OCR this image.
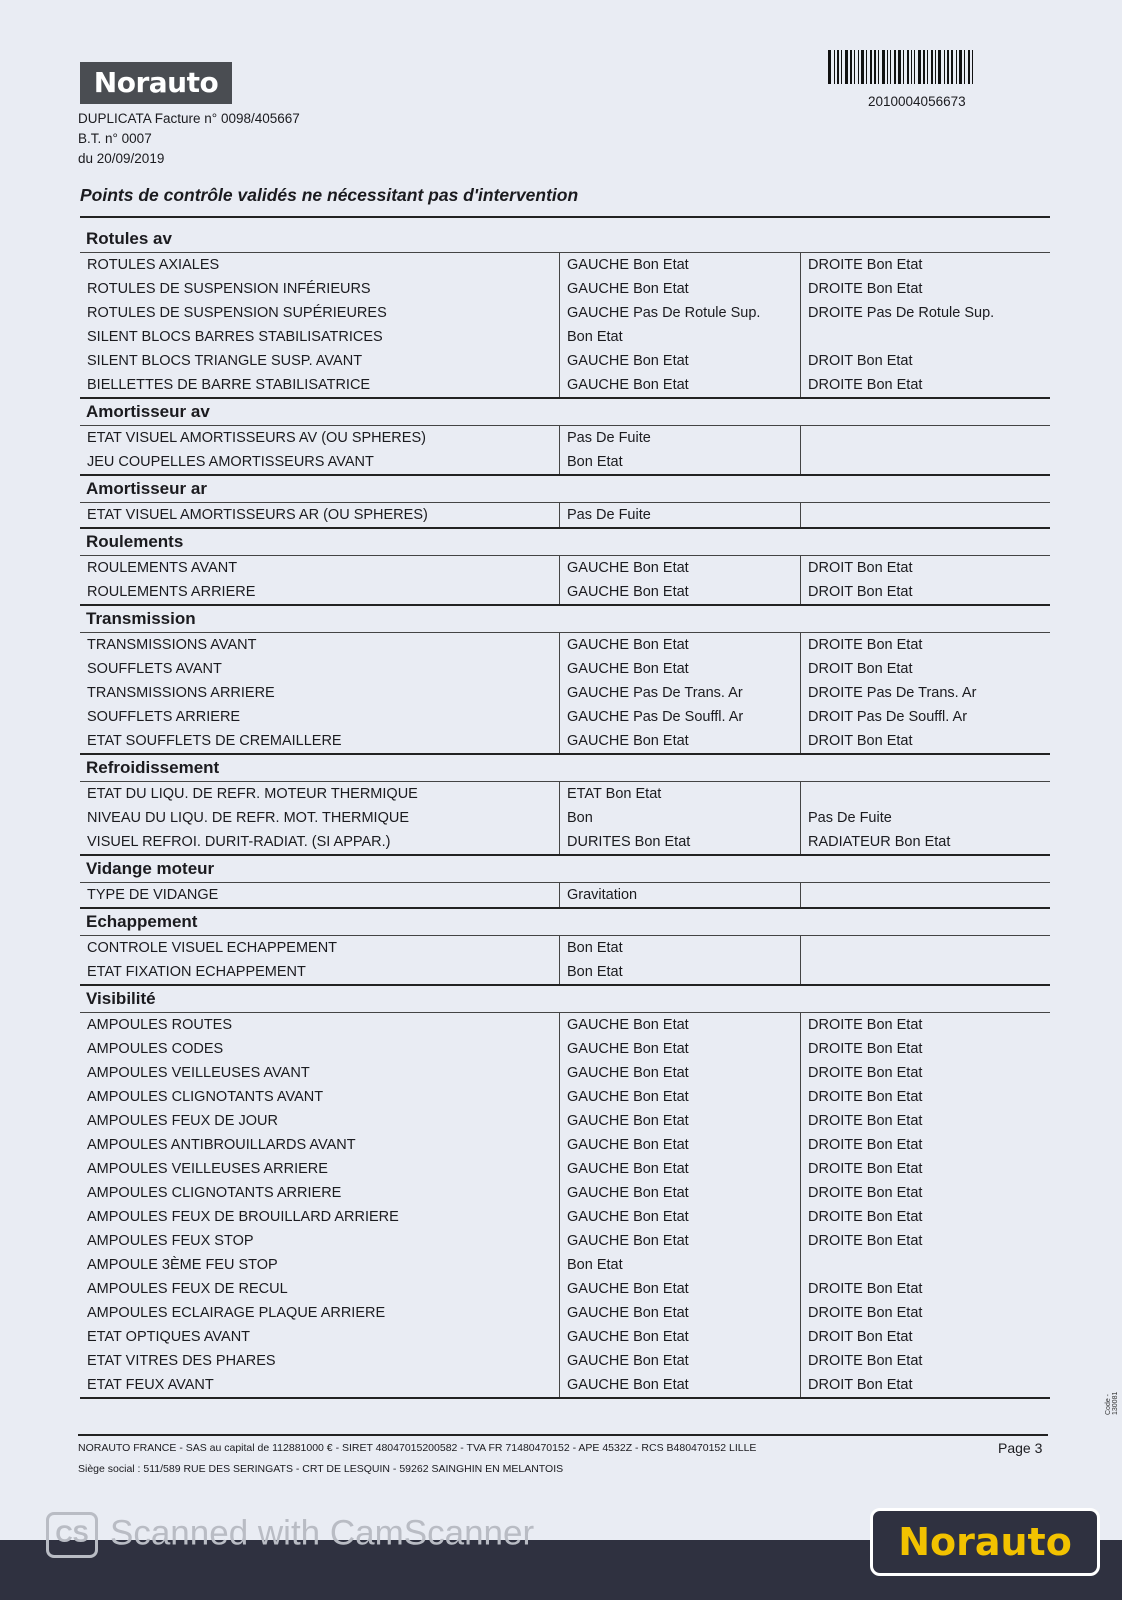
Norauto
DUPLICATA Facture n° 0098/405667
B.T. n° 0007
du 20/09/2019
2010004056673
Points de contrôle validés ne nécessitant pas d'intervention
Rotules av
ROTULES AXIALES	GAUCHE Bon Etat	DROITE Bon Etat
ROTULES DE SUSPENSION INFÉRIEURS	GAUCHE Bon Etat	DROITE Bon Etat
ROTULES DE SUSPENSION SUPÉRIEURES	GAUCHE Pas De Rotule Sup.	DROITE Pas De Rotule Sup.
SILENT BLOCS BARRES STABILISATRICES	Bon Etat
SILENT BLOCS TRIANGLE SUSP. AVANT	GAUCHE Bon Etat	DROIT Bon Etat
BIELLETTES DE BARRE STABILISATRICE	GAUCHE Bon Etat	DROITE Bon Etat
Amortisseur av
ETAT VISUEL AMORTISSEURS AV (OU SPHERES)	Pas De Fuite
JEU COUPELLES AMORTISSEURS AVANT	Bon Etat
Amortisseur ar
ETAT VISUEL AMORTISSEURS AR (OU SPHERES)	Pas De Fuite
Roulements
ROULEMENTS AVANT	GAUCHE Bon Etat	DROIT Bon Etat
ROULEMENTS ARRIERE	GAUCHE Bon Etat	DROIT Bon Etat
Transmission
TRANSMISSIONS AVANT	GAUCHE Bon Etat	DROITE Bon Etat
SOUFFLETS AVANT	GAUCHE Bon Etat	DROIT Bon Etat
TRANSMISSIONS ARRIERE	GAUCHE Pas De Trans. Ar	DROITE Pas De Trans. Ar
SOUFFLETS ARRIERE	GAUCHE Pas De Souffl. Ar	DROIT Pas De Souffl. Ar
ETAT SOUFFLETS DE CREMAILLERE	GAUCHE Bon Etat	DROIT Bon Etat
Refroidissement
ETAT DU LIQU. DE REFR. MOTEUR THERMIQUE	ETAT Bon Etat
NIVEAU DU LIQU. DE REFR. MOT. THERMIQUE	Bon	Pas De Fuite
VISUEL REFROI. DURIT-RADIAT. (SI APPAR.)	DURITES Bon Etat	RADIATEUR Bon Etat
Vidange moteur
TYPE DE VIDANGE	Gravitation
Echappement
CONTROLE VISUEL ECHAPPEMENT	Bon Etat
ETAT FIXATION ECHAPPEMENT	Bon Etat
Visibilité
AMPOULES ROUTES	GAUCHE Bon Etat	DROITE Bon Etat
AMPOULES CODES	GAUCHE Bon Etat	DROITE Bon Etat
AMPOULES VEILLEUSES AVANT	GAUCHE Bon Etat	DROITE Bon Etat
AMPOULES CLIGNOTANTS AVANT	GAUCHE Bon Etat	DROITE Bon Etat
AMPOULES FEUX DE JOUR	GAUCHE Bon Etat	DROITE Bon Etat
AMPOULES ANTIBROUILLARDS AVANT	GAUCHE Bon Etat	DROITE Bon Etat
AMPOULES VEILLEUSES ARRIERE	GAUCHE Bon Etat	DROITE Bon Etat
AMPOULES CLIGNOTANTS ARRIERE	GAUCHE Bon Etat	DROITE Bon Etat
AMPOULES FEUX DE BROUILLARD ARRIERE	GAUCHE Bon Etat	DROITE Bon Etat
AMPOULES FEUX STOP	GAUCHE Bon Etat	DROITE Bon Etat
AMPOULE 3ÈME FEU STOP	Bon Etat
AMPOULES FEUX DE RECUL	GAUCHE Bon Etat	DROITE Bon Etat
AMPOULES ECLAIRAGE PLAQUE ARRIERE	GAUCHE Bon Etat	DROITE Bon Etat
ETAT OPTIQUES AVANT	GAUCHE Bon Etat	DROIT Bon Etat
ETAT VITRES DES PHARES	GAUCHE Bon Etat	DROITE Bon Etat
ETAT FEUX AVANT	GAUCHE Bon Etat	DROIT Bon Etat
NORAUTO FRANCE - SAS au capital de 112881000 € - SIRET 48047015200582 - TVA FR 71480470152 - APE 4532Z - RCS B480470152 LILLE
Siège social : 511/589 RUE DES SERINGATS - CRT DE LESQUIN - 59262 SAINGHIN EN MELANTOIS
Page 3
Code - 130081
CS Scanned with CamScanner	Norauto
